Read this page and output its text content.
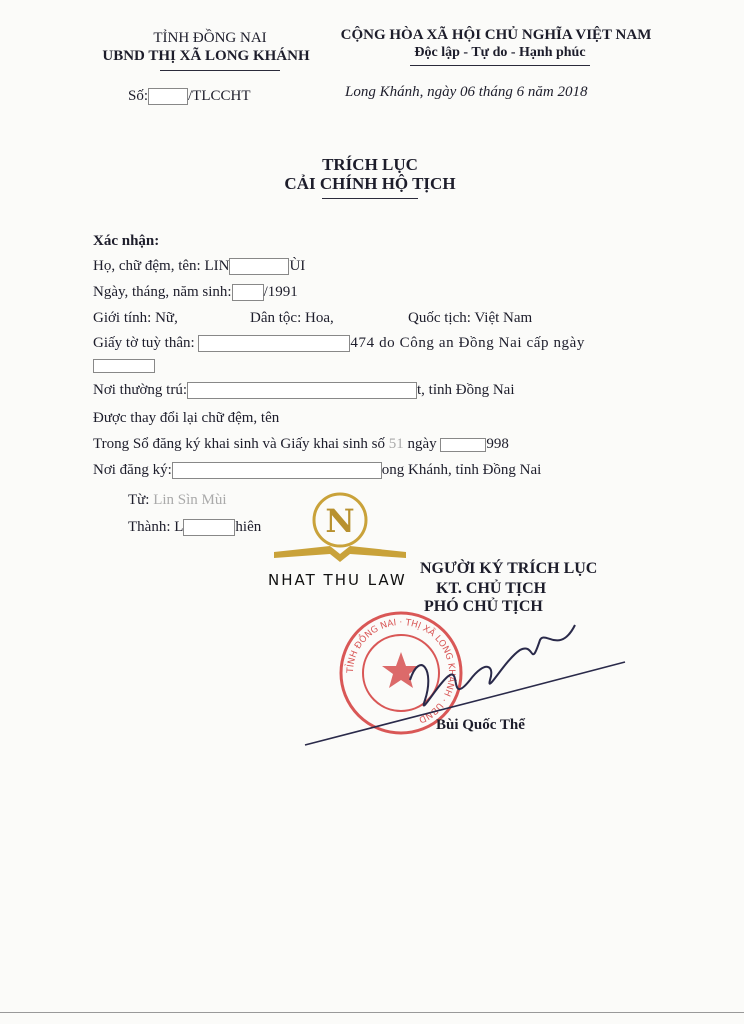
TỈNH ĐỒNG NAI
UBND THỊ XÃ LONG KHÁNH
Số:	/TLCCHT
CỘNG HÒA XÃ HỘI CHỦ NGHĨA VIỆT NAM
Độc lập - Tự do - Hạnh phúc
Long Khánh, ngày 06 tháng 6 năm 2018
TRÍCH LỤC
CẢI CHÍNH HỘ TỊCH
Xác nhận:
Họ, chữ đệm, tên: LIN	ÙI
Ngày, tháng, năm sinh: /1991
Giới tính: Nữ,	Dân tộc: Hoa,	Quốc tịch: Việt Nam
Giấy tờ tuỳ thân:	474 do Công an Đồng Nai cấp ngày
Nơi thường trú:	t, tỉnh Đồng Nai
Được thay đổi lại chữ đệm, tên
Trong Sổ đăng ký khai sinh và Giấy khai sinh số 51 ngày	998
Nơi đăng ký:	ong Khánh, tỉnh Đồng Nai
Từ: Lin Sìn Mùi
Thành: L	hiên N
NHAT THU LAW
NGƯỜI KÝ TRÍCH LỤC
KT. CHỦ TỊCH
PHÓ CHỦ TỊCH
TỈNH ĐỒNG NAI · THỊ XÃ LONG KHÁNH · UBND Bùi Quốc Thể
